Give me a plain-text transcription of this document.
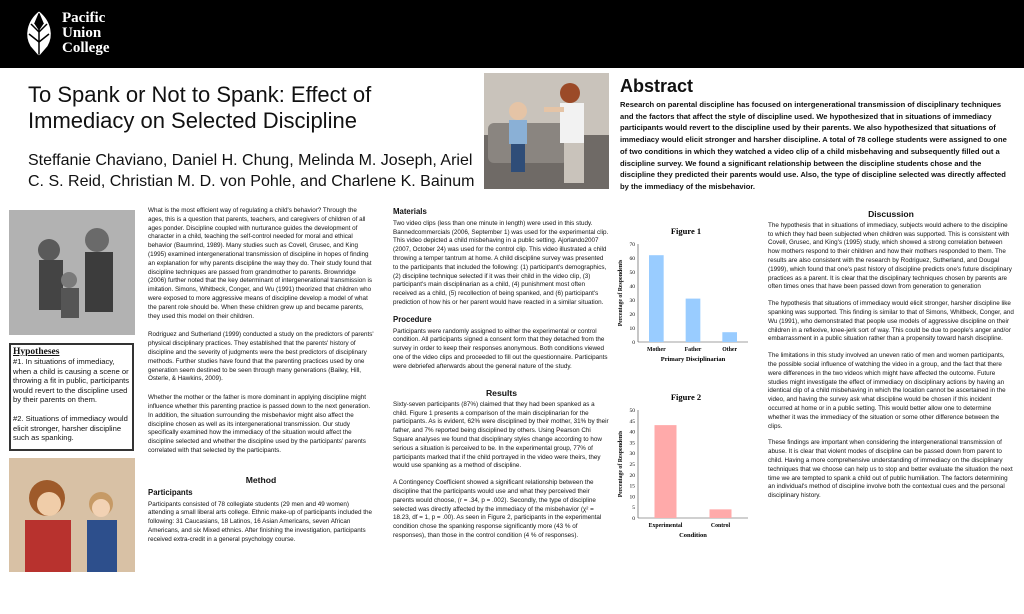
Pacific
Union
College
To Spank or Not to Spank: Effect of Immediacy on Selected Discipline
Steffanie Chaviano, Daniel H. Chung, Melinda M. Joseph, Ariel C. S. Reid, Christian M. D. von Pohle, and Charlene K. Bainum
Abstract
Research on parental discipline has focused on intergenerational transmission of disciplinary techniques and the factors that affect the style of discipline used. We hypothesized that in situations of immediacy participants would revert to the discipline used by their parents. We also hypothesized that situations of immediacy would elicit stronger and harsher discipline. A total of 78 college students were assigned to one of two conditions in which they watched a video clip of a child misbehaving and subsequently filled out a discipline survey. We found a significant relationship between the discipline students chose and the discipline they predicted their parents would use. Also, the type of discipline selected was directly affected by the immediacy of the misbehavior.
Hypotheses
#1. In situations of immediacy, when a child is causing a scene or throwing a fit in public, participants would revert to the discipline used by their parents on them.
#2. Situations of immediacy would elicit stronger, harsher discipline such as spanking.

What is the most efficient way of regulating a child's behavior? Through the ages, this is a question that parents, teachers, and caregivers of children of all ages ponder. Discipline coupled with nurturance guides the development of character in a child, teaching the self-control needed for moral and ethical behavior (Baumrind, 1989). Many studies such as Covell, Grusec, and King (1995) examined intergenerational transmission of discipline in hopes of finding an explanation for why parents discipline the way they do. Their study found that discipline techniques are passed from grandmother to parents. Brownridge (2006) further noted that the key determinant of intergenerational transmission is imitation. Simons, Whitbeck, Conger, and Wu (1991) theorized that children who were exposed to more aggressive means of discipline develop a model of what the parent role should be. When these children grew up and became parents, they used this model on their children.

Rodriguez and Sutherland (1999) conducted a study on the predictors of parents' physical disciplinary practices. They established that the parents' history of discipline and the severity of judgments were the best predictors of disciplinary methods. Further studies have found that the parenting practices used by one generation seem destined to be seen through many generations (Bailey, Hill, Osterle, & Hawkins, 2009).

Whether the mother or the father is more dominant in applying discipline might influence whether this parenting practice is passed down to the next generation. In addition, the situation surrounding the misbehavior might also affect the discipline chosen as well as its intergenerational transmission. Our study specifically examined how the immediacy of the situation would affect the discipline selected and whether the discipline used by the participants' parents correlated with that selected by the participants.

Method
Participants

Participants consisted of 78 collegiate students (29 men and 49 women) attending a small liberal arts college. Ethnic make-up of participants included the following: 31 Caucasians, 18 Latinos, 16 Asian Americans, seven African Americans, and six Mixed ethnics. After finishing the investigation, participants received extra-credit in a general psychology course.

Materials

Two video clips (less than one minute in length) were used in this study. Bannedcommercials (2006, September 1) was used for the experimental clip. This video depicted a child misbehaving in a public setting. Ajorlando2007 (2007, October 24) was used for the control clip. This video illustrated a child throwing a temper tantrum at home. A child discipline survey was presented to the participants that included the following: (1) participant's demographics, (2) discipline technique selected if it was their child in the video clip, (3) participant's main disciplinarian as a child, (4) punishment most often received as a child, (5) recollection of being spanked, and (6) participant's prediction of how his or her parent would have reacted in a similar situation.

Procedure

Participants were randomly assigned to either the experimental or control condition. All participants signed a consent form that they detached from the survey in order to keep their responses anonymous. Both conditions viewed one of the video clips and proceeded to fill out the questionnaire. Participants were debriefed afterwards about the general nature of the study.

Results

Sixty-seven participants (87%) claimed that they had been spanked as a child. Figure 1 presents a comparison of the main disciplinarian for the participants. As is evident, 62% were disciplined by their mother, 31% by their father, and 7% reported being disciplined by others. Using Pearson Chi Square analyses we found that disciplinary styles change according to how serious a situation is perceived to be. In the experimental group, 77% of participants marked that if the child portrayed in the video were theirs, they would use spanking as a method of discipline.

A Contingency Coefficient showed a significant relationship between the discipline that the participants would use and what they perceived their parents would choose, (r = .34, p = .002). Secondly, the type of discipline selected was directly affected by the immediacy of the misbehavior (χ² = 18.23, df = 1, p = .00). As seen in Figure 2, participants in the experimental condition chose the spanking response significantly more (43 % of responses), than those in the control condition (4 % of responses).

Figure 1
0
10
20
30
40
50
60
70
Percentage of Respondents
Mother	Father	Other
Primary Disciplinarian
Figure 2
0
5
10
15
20
25
30
35
40
45
50
Percentage of Respondents
Experimental	Control
Condition
Discussion

The hypothesis that in situations of immediacy, subjects would adhere to the discipline to which they had been subjected when children was supported. This is consistent with Covell, Grusec, and King's (1995) study, which showed a strong correlation between how mothers respond to their children and how their mothers responded to them. The results are also consistent with the research by Rodriguez, Sutherland, and Dougal (1999), which found that one's past history of discipline predicts one's future disciplinary practices as a parent. It is clear that the disciplinary techniques chosen by parents are often times ones that have been passed down from generation to generation

The hypothesis that situations of immediacy would elicit stronger, harsher discipline like spanking was supported. This finding is similar to that of Simons, Whitbeck, Conger, and Wu (1991), who demonstrated that people use models of aggressive discipline on their children in a reflexive, knee-jerk sort of way. This could be due to people's anger and/or embarrassment in a public situation rather than a propensity toward harsh discipline.

The limitations in this study involved an uneven ratio of men and women participants, the possible social influence of watching the video in a group, and the fact that there were differences in the two videos which might have affected the outcome. Future studies might investigate the effect of immediacy on disciplinary actions by having an identical clip of a child misbehaving in which the location cannot be ascertained in the video, and having the survey ask what discipline would be chosen if this incident occurred at home or in a public setting. This would better allow one to determine whether it was the immediacy of the situation or some other difference between the clips.

These findings are important when considering the intergenerational transmission of abuse. It is clear that violent modes of discipline can be passed down from parent to child. Having a more comprehensive understanding of immediacy on the disciplinary techniques that we choose can help us to stop and better evaluate the situation the next time we are tempted to spank a child out of public humiliation. The factors determining an individual's method of discipline involve both the contextual cues and the personal disciplinary history.
